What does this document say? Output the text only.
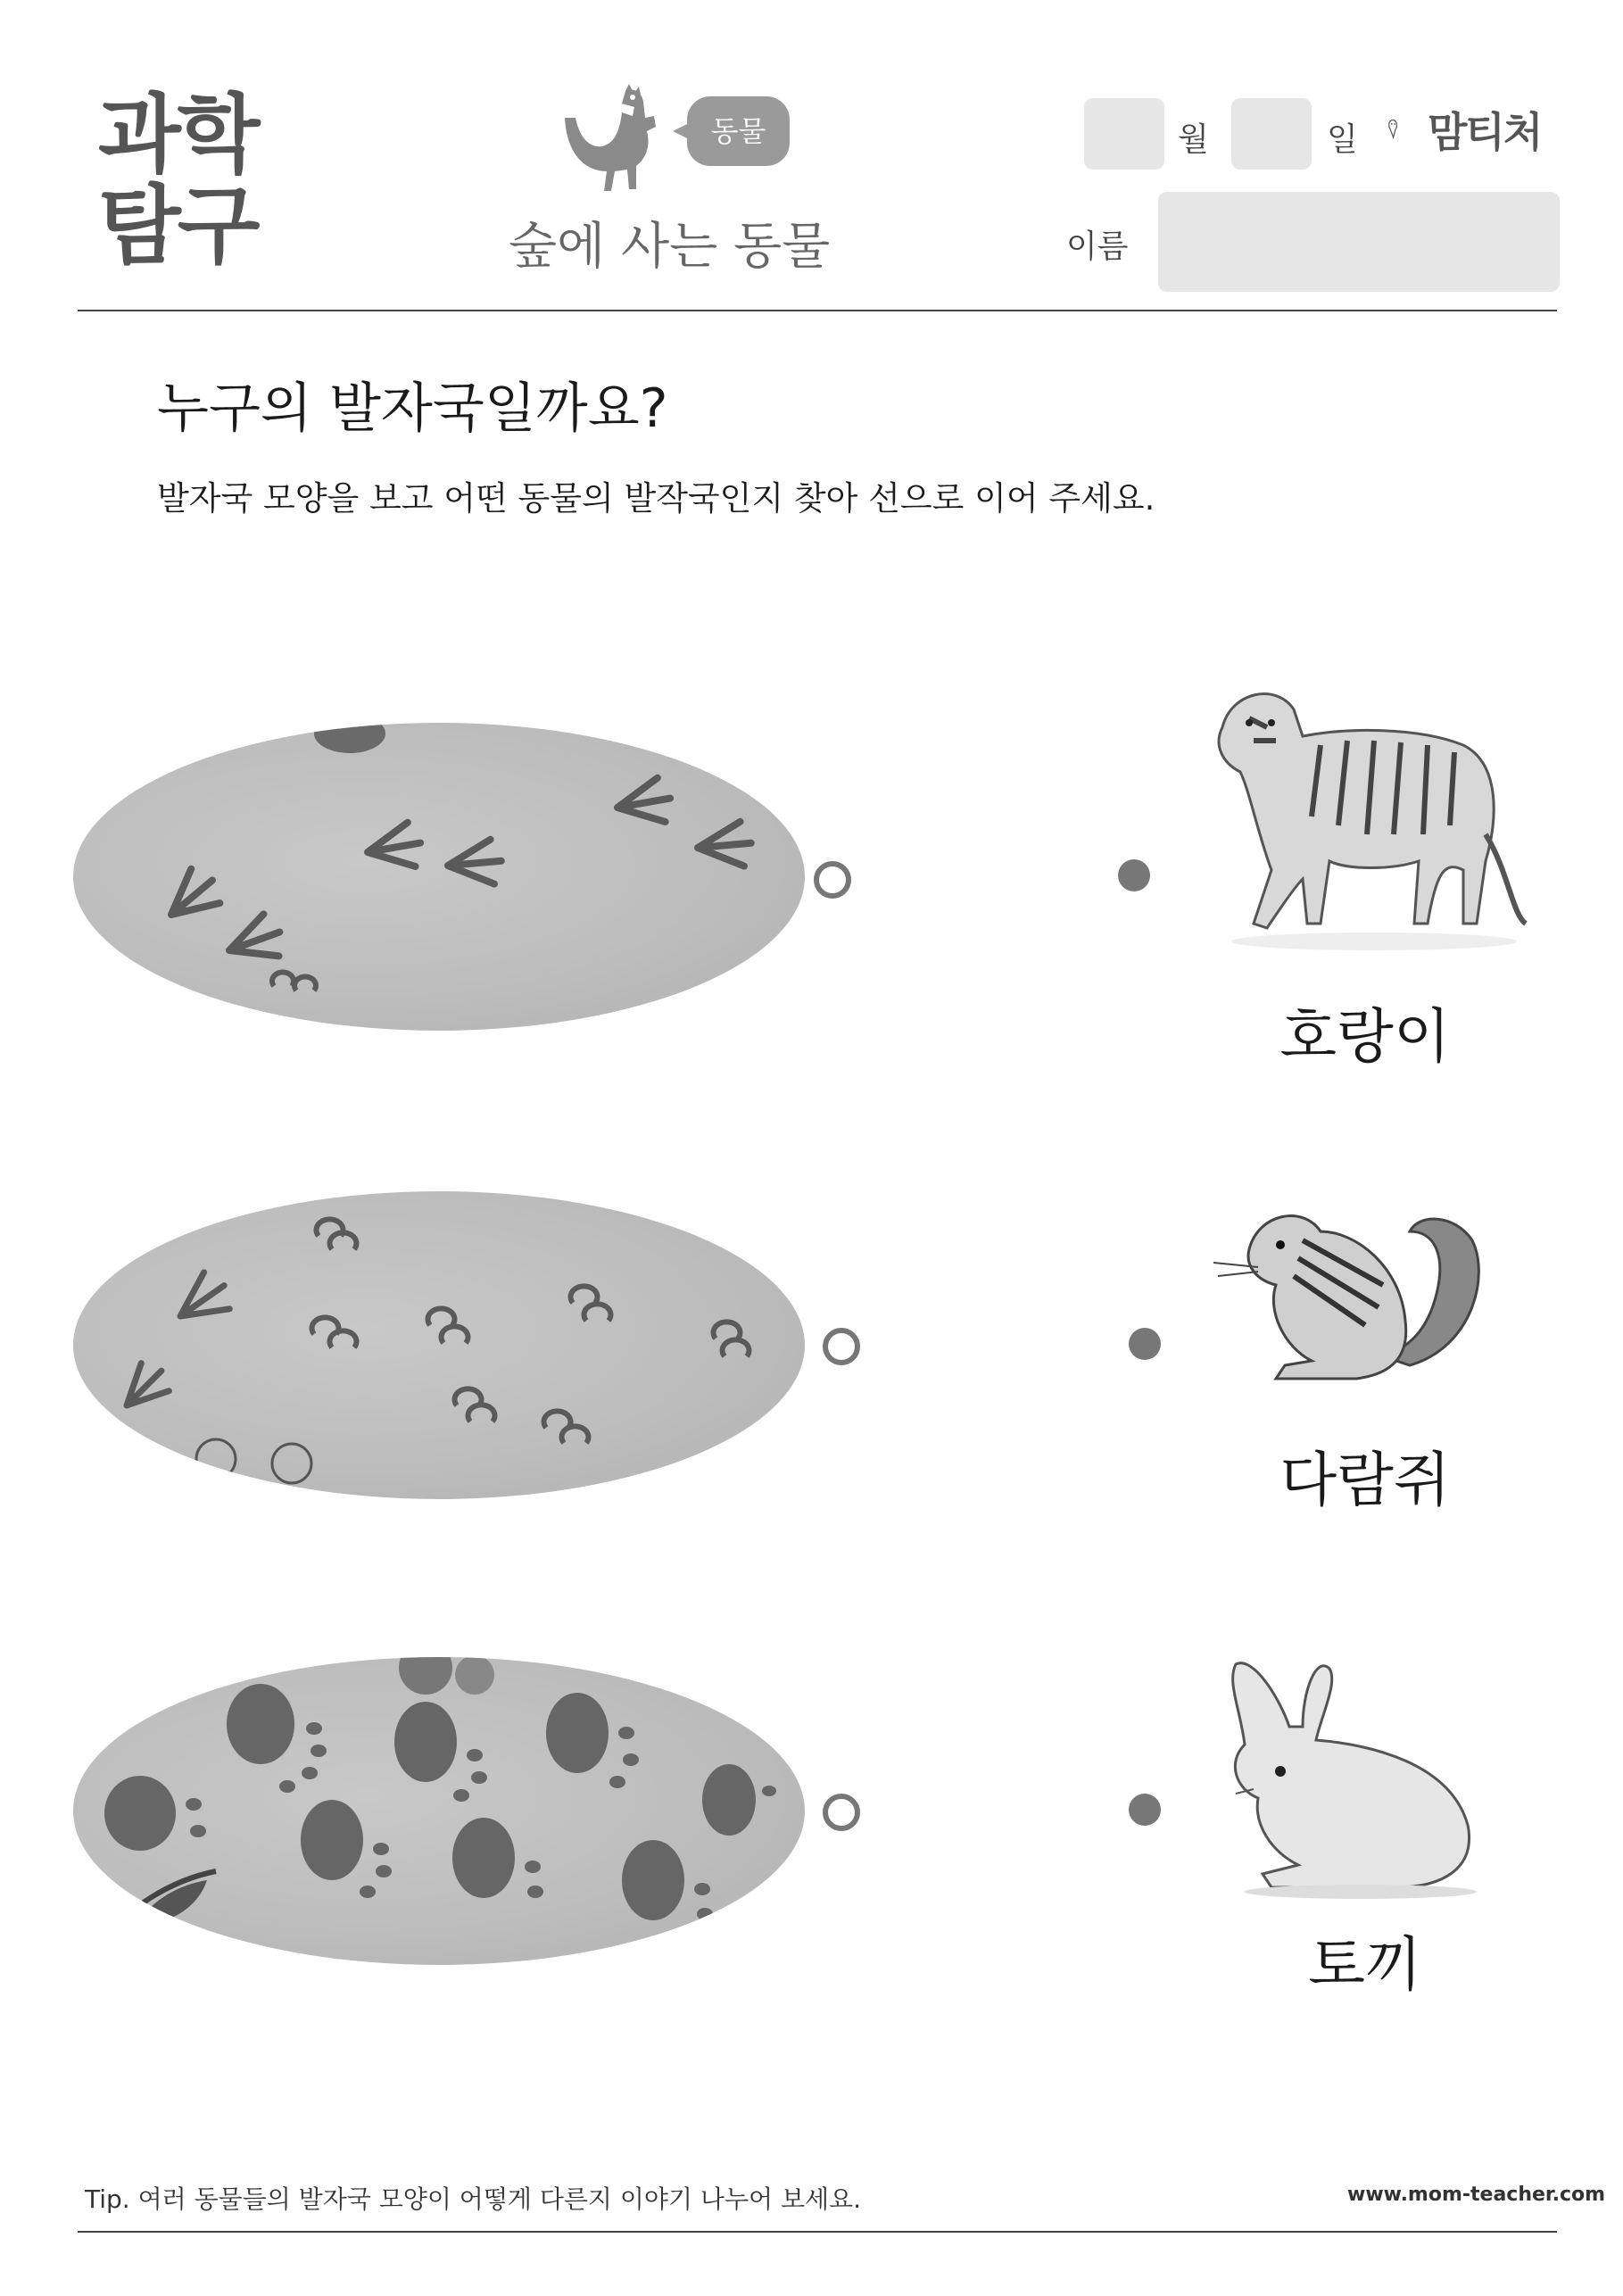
과학
탐구
동물
숲에 사는 동물
월	일 맘티처
이름
누구의 발자국일까요?
발자국 모양을 보고 어떤 동물의 발작국인지 찾아 선으로 이어 주세요.
호랑이
다람쥐
토끼
Tip. 여러 동물들의 발자국 모양이 어떻게 다른지 이야기 나누어 보세요.	www.mom-teacher.com
